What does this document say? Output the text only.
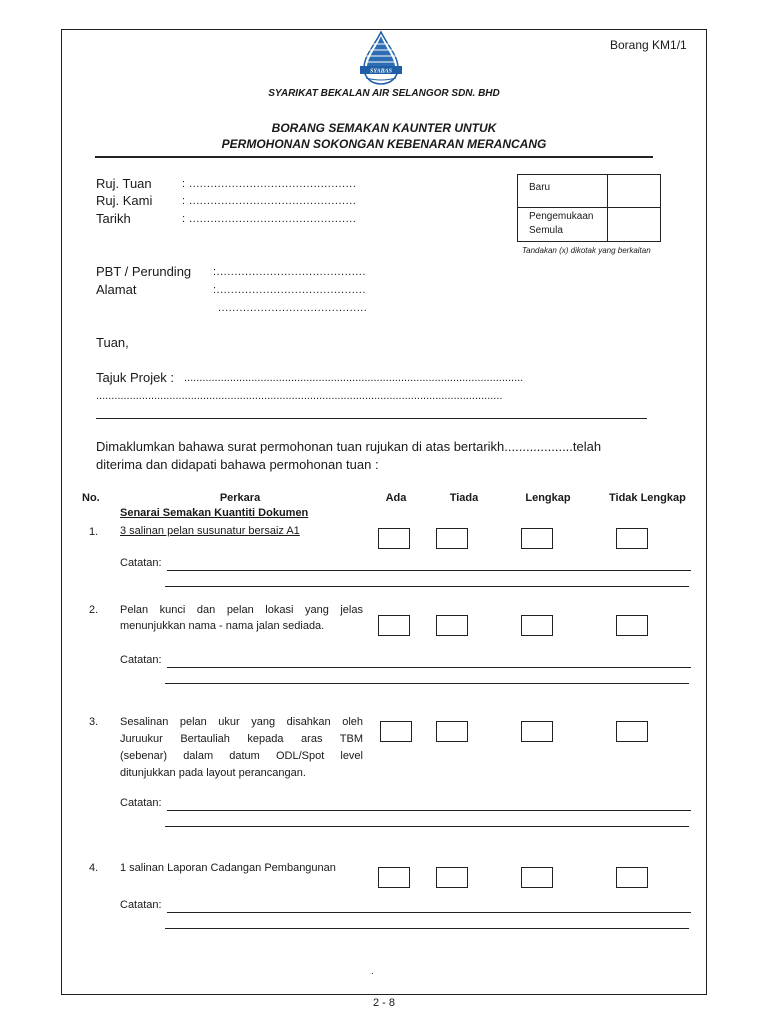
Borang KM1/1
SYABAS
SYARIKAT BEKALAN AIR SELANGOR SDN. BHD
BORANG SEMAKAN KAUNTER UNTUK
PERMOHONAN SOKONGAN KEBENARAN MERANCANG
Ruj. Tuan	: ...............................................
Ruj. Kami	: ...............................................
Tarikh	: ...............................................
Baru
Pengemukaan Semula
Tandakan (x) dikotak yang berkaitan
PBT / Perunding :..........................................
Alamat	:..........................................
..........................................
Tuan,
Tajuk Projek : ...............................................................................................................
.....................................................................................................................................
Dimaklumkan bahawa surat permohonan tuan rujukan di atas bertarikh...................telah
diterima dan didapati bahawa permohonan tuan :
No.	Perkara
Senarai Semakan Kuantiti Dokumen
Ada	Tiada	Lengkap	Tidak Lengkap
1. 3 salinan pelan susunatur bersaiz A1
Catatan:
2. Pelan kunci dan pelan lokasi yang jelas
menunjukkan nama - nama jalan sediada.
Catatan:
3. Sesalinan pelan ukur yang disahkan oleh
Juruukur Bertauliah kepada aras TBM
(sebenar) dalam datum ODL/Spot level
ditunjukkan pada layout perancangan.
Catatan:
4. 1 salinan Laporan Cadangan Pembangunan
Catatan:
.
2 - 8
